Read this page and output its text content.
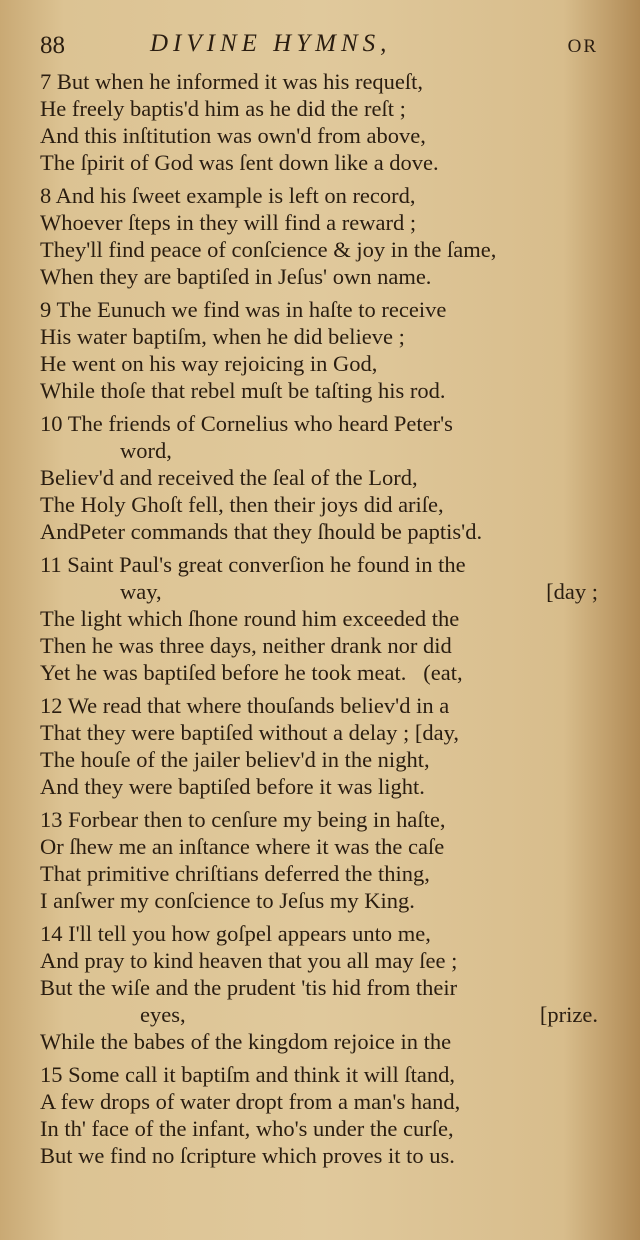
88	DIVINE HYMNS,	OR
7 But when he informed it was his requeſt,
He freely baptis'd him as he did the reſt ;
And this inſtitution was own'd from above,
The ſpirit of God was ſent down like a dove.
8 And his ſweet example is left on record,
Whoever ſteps in they will find a reward ;
They'll find peace of conſcience & joy in the ſame,
When they are baptiſed in Jeſus' own name.
9 The Eunuch we find was in haſte to receive
His water baptiſm, when he did believe ;
He went on his way rejoicing in God,
While thoſe that rebel muſt be taſting his rod.
10 The friends of Cornelius who heard Peter's
word,
Believ'd and received the ſeal of the Lord,
The Holy Ghoſt fell, then their joys did ariſe,
AndPeter commands that they ſhould be paptis'd.
11 Saint Paul's great converſion he found in the
way,	[day ;
The light which ſhone round him exceeded the
Then he was three days, neither drank nor did
Yet he was baptiſed before he took meat. (eat,
12 We read that where thouſands believ'd in a
That they were baptiſed without a delay ; [day,
The houſe of the jailer believ'd in the night,
And they were baptiſed before it was light.
13 Forbear then to cenſure my being in haſte,
Or ſhew me an inſtance where it was the caſe
That primitive chriſtians deferred the thing,
I anſwer my conſcience to Jeſus my King.
14 I'll tell you how goſpel appears unto me,
And pray to kind heaven that you all may ſee ;
But the wiſe and the prudent 'tis hid from their
eyes,	[prize.
While the babes of the kingdom rejoice in the
15 Some call it baptiſm and think it will ſtand,
A few drops of water dropt from a man's hand,
In th' face of the infant, who's under the curſe,
But we find no ſcripture which proves it to us.
